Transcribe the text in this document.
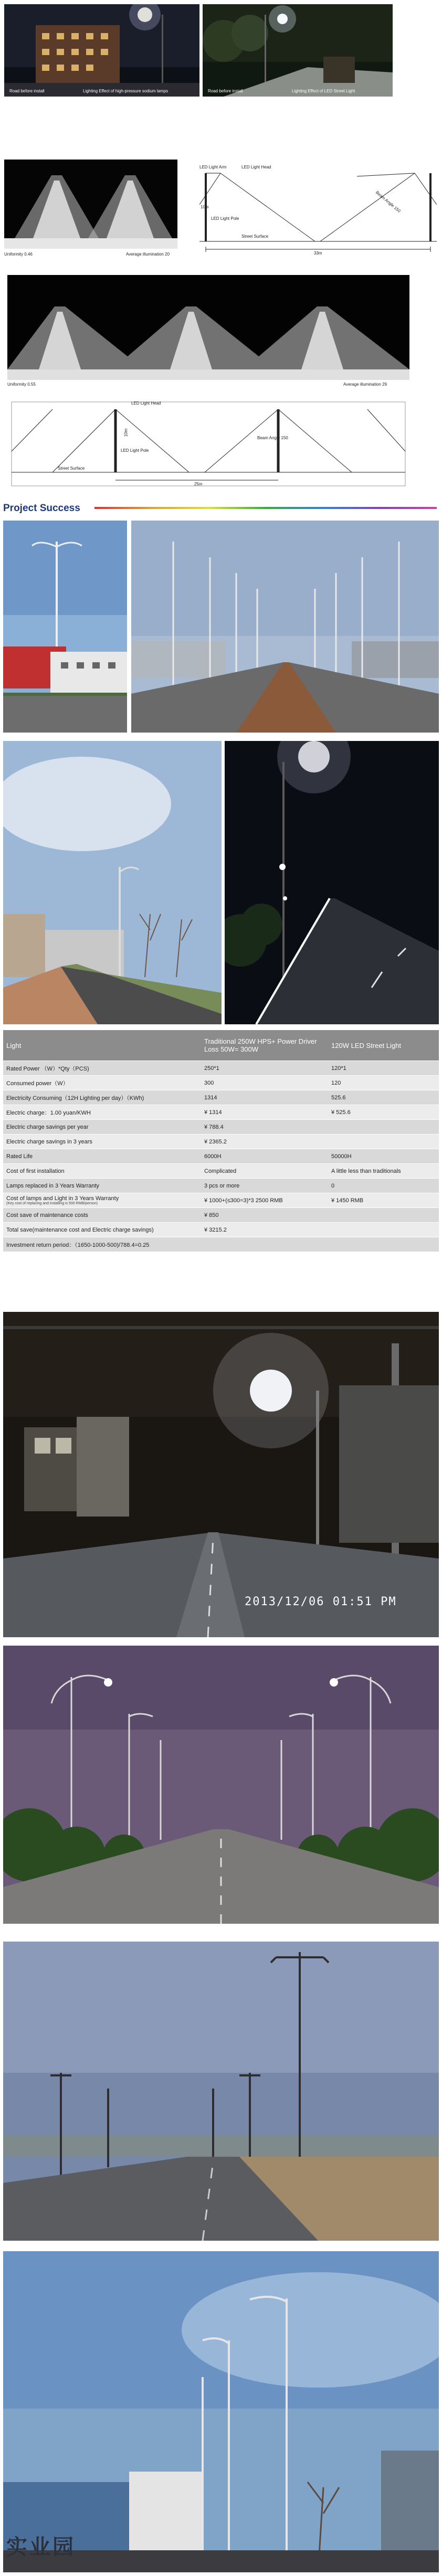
Road before install	Lighting Effect of high-pressure sodium lamps	Road before install	Lighting Effect of LED Street Light
Uniformity 0.46	Average illumination 20
LED Light Arm	LED Light Head
LED Light Pole
Street Surface
Beam Angle 150
10m
33m
Uniformity 0.55	Average illumination 29
LED Light Head
LED Light Pole
Street Surface
Beam Angle 150
10m
25m
Project Success
Light	Traditional 250W HPS+ Power Driver Loss 50W= 300W	120W LED Street Light
Rated Power （W）*Qty（PCS)	250*1	120*1
Consumed power（W）	300	120
Electricity Consuming（12H Lighting per day）（KWh)	1314	525.6
Electric charge：1.00 yuan/KWH	¥ 1314	¥ 525.6
Electric charge savings per year	¥ 788.4	
Electric charge savings in 3 years	¥ 2365.2	
Rated Life	6000H	50000H
Cost of first installation	Complicated	A little less than traditionals
Lamps replaced in 3 Years Warranty	3 pcs or more	0
Cost of lamps and Light in 3 Years Warranty
(Key cost of replacing and installing is 500 RMB/person)	¥ 1000+(≤300=3)*3 2500 RMB	¥ 1450 RMB
Cost save of maintenance costs	¥ 850	
Total save(maintenance cost and Electric charge savings)	¥ 3215.2	
Investment return period：（1650-1000-500)/788.4=0.25		
2013/12/06 01:51 PM
实业园
